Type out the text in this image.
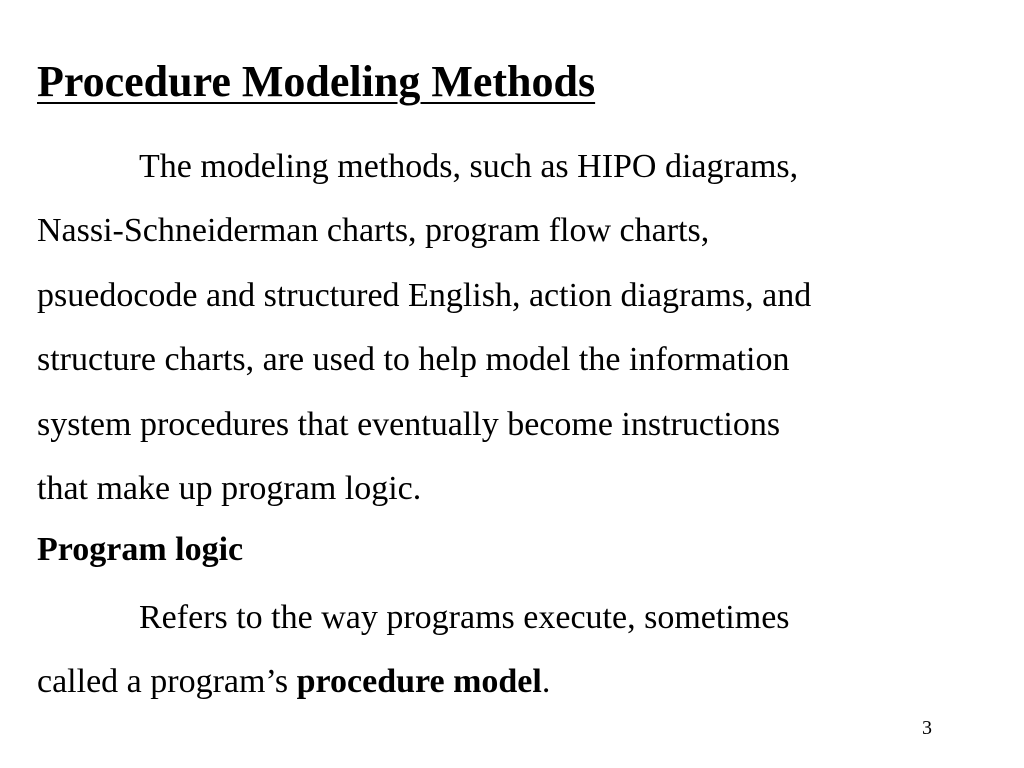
Procedure Modeling Methods

The modeling methods, such as HIPO diagrams,
Nassi-Schneiderman charts, program flow charts,
psuedocode and structured English, action diagrams, and
structure charts, are used to help model the information
system procedures that eventually become instructions
that make up program logic.

Program logic

Refers to the way programs execute, sometimes
called a program’s procedure model.

3
